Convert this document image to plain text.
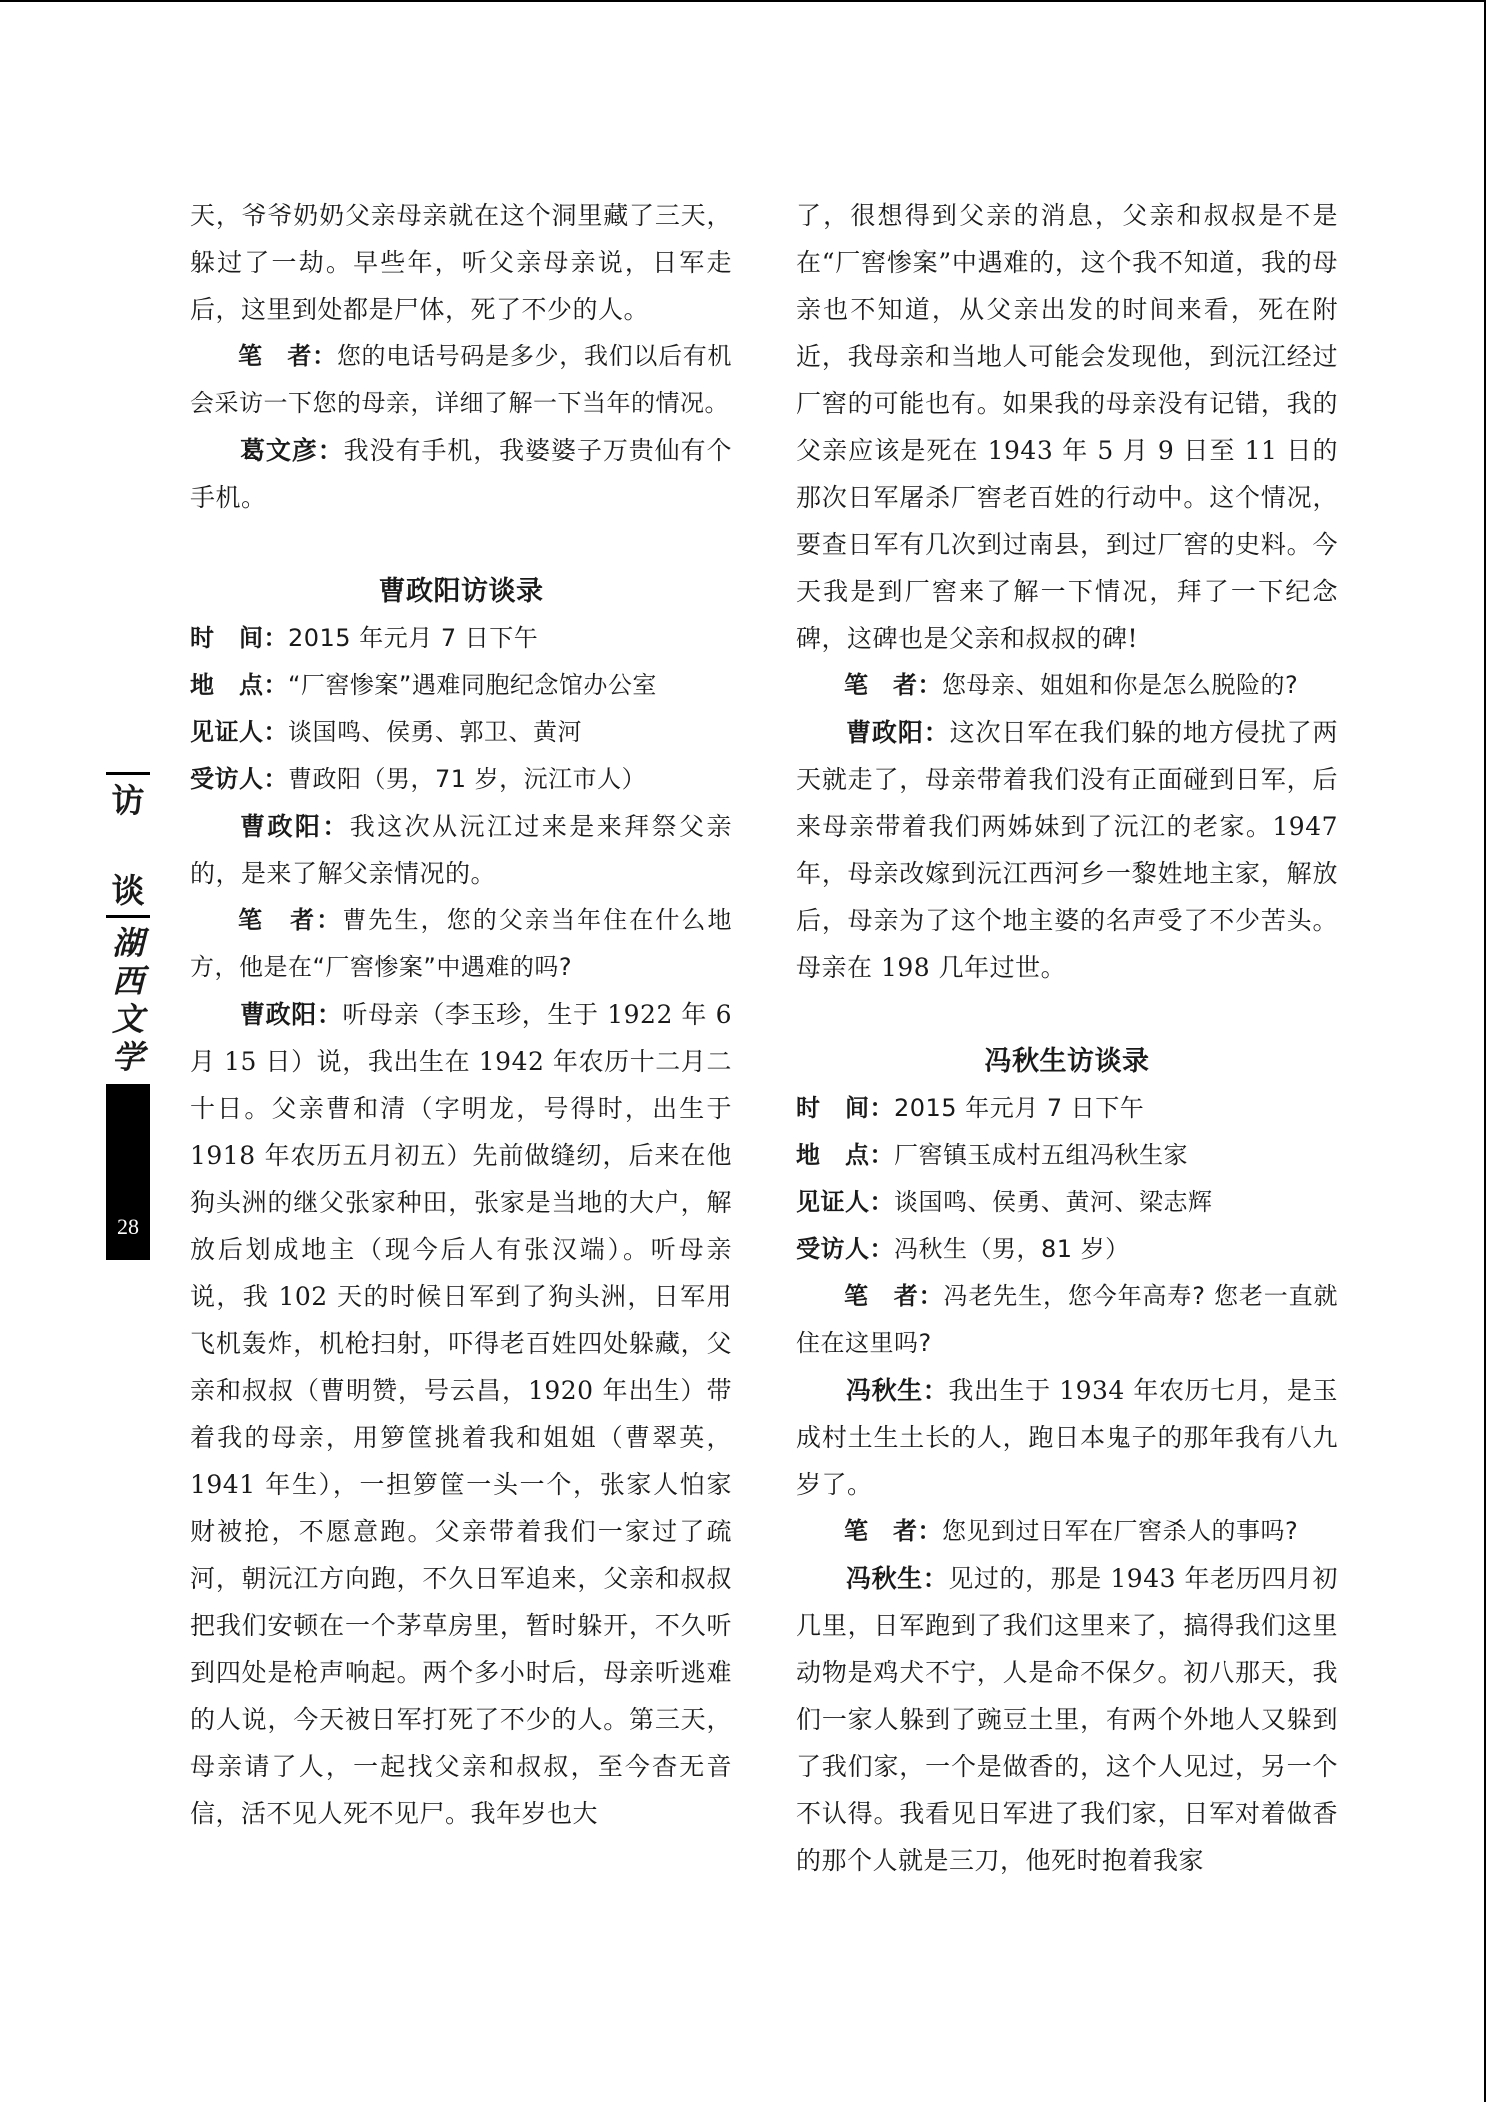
天，爷爷奶奶父亲母亲就在这个洞里藏了三天，躲过了一劫。早些年，听父亲母亲说，日军走后，这里到处都是尸体，死了不少的人。

笔　者：您的电话号码是多少，我们以后有机会采访一下您的母亲，详细了解一下当年的情况。

葛文彦：我没有手机，我婆婆子万贵仙有个手机。

曹政阳访谈录
时　间：2015 年元月 7 日下午
地　点：“厂窖惨案”遇难同胞纪念馆办公室
见证人：谈国鸣、侯勇、郭卫、黄河
受访人：曹政阳（男，71 岁，沅江市人）

曹政阳：我这次从沅江过来是来拜祭父亲的，是来了解父亲情况的。

笔　者：曹先生，您的父亲当年住在什么地方，他是在“厂窖惨案”中遇难的吗?

曹政阳：听母亲（李玉珍，生于 1922 年 6 月 15 日）说，我出生在 1942 年农历十二月二十日。父亲曹和清（字明龙，号得时，出生于 1918 年农历五月初五）先前做缝纫，后来在他狗头洲的继父张家种田，张家是当地的大户，解放后划成地主（现今后人有张汉端）。听母亲说，我 102 天的时候日军到了狗头洲，日军用飞机轰炸，机枪扫射，吓得老百姓四处躲藏，父亲和叔叔（曹明赞，号云昌，1920 年出生）带着我的母亲，用箩筐挑着我和姐姐（曹翠英，1941 年生），一担箩筐一头一个，张家人怕家财被抢，不愿意跑。父亲带着我们一家过了疏河，朝沅江方向跑，不久日军追来，父亲和叔叔把我们安顿在一个茅草房里，暂时躲开，不久听到四处是枪声响起。两个多小时后，母亲听逃难的人说，今天被日军打死了不少的人。第三天，母亲请了人，一起找父亲和叔叔，至今杳无音信，活不见人死不见尸。我年岁也大

了，很想得到父亲的消息，父亲和叔叔是不是在“厂窖惨案”中遇难的，这个我不知道，我的母亲也不知道，从父亲出发的时间来看，死在附近，我母亲和当地人可能会发现他，到沅江经过厂窖的可能也有。如果我的母亲没有记错，我的父亲应该是死在 1943 年 5 月 9 日至 11 日的那次日军屠杀厂窖老百姓的行动中。这个情况，要查日军有几次到过南县，到过厂窖的史料。今天我是到厂窖来了解一下情况，拜了一下纪念碑，这碑也是父亲和叔叔的碑!

笔　者：您母亲、姐姐和你是怎么脱险的?

曹政阳：这次日军在我们躲的地方侵扰了两天就走了，母亲带着我们没有正面碰到日军，后来母亲带着我们两姊妹到了沅江的老家。1947 年，母亲改嫁到沅江西河乡一黎姓地主家，解放后，母亲为了这个地主婆的名声受了不少苦头。母亲在 198 几年过世。

冯秋生访谈录
时　间：2015 年元月 7 日下午
地　点：厂窖镇玉成村五组冯秋生家
见证人：谈国鸣、侯勇、黄河、梁志辉
受访人：冯秋生（男，81 岁）

笔　者：冯老先生，您今年高寿? 您老一直就住在这里吗?

冯秋生：我出生于 1934 年农历七月，是玉成村土生土长的人，跑日本鬼子的那年我有八九岁了。

笔　者：您见到过日军在厂窖杀人的事吗?

冯秋生：见过的，那是 1943 年老历四月初几里，日军跑到了我们这里来了，搞得我们这里动物是鸡犬不宁，人是命不保夕。初八那天，我们一家人躲到了豌豆土里，有两个外地人又躲到了我们家，一个是做香的，这个人见过，另一个不认得。我看见日军进了我们家，日军对着做香的那个人就是三刀，他死时抱着我家

访
谈
湖
西
文
学
28
